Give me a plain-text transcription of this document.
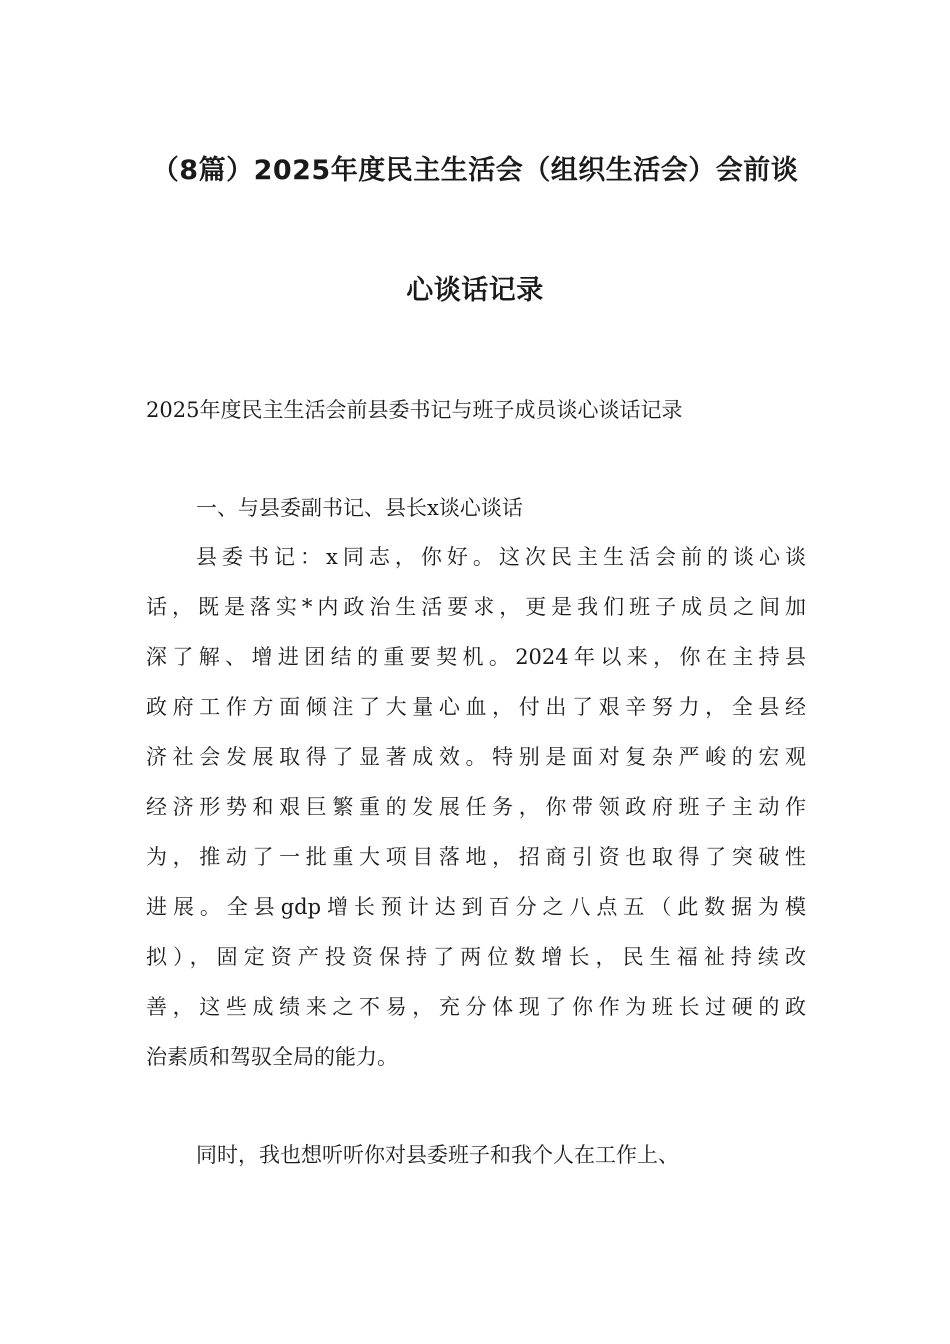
（8篇）2025年度民主生活会（组织生活会）会前谈
心谈话记录
2025年度民主生活会前县委书记与班子成员谈心谈话记录
一、与县委副书记、县长x谈心谈话
县委书记：x同志，你好。这次民主生活会前的谈心谈
话，既是落实*内政治生活要求，更是我们班子成员之间加
深了解、增进团结的重要契机。2024年以来，你在主持县
政府工作方面倾注了大量心血，付出了艰辛努力，全县经
济社会发展取得了显著成效。特别是面对复杂严峻的宏观
经济形势和艰巨繁重的发展任务，你带领政府班子主动作
为，推动了一批重大项目落地，招商引资也取得了突破性
进展。全县gdp增长预计达到百分之八点五（此数据为模
拟），固定资产投资保持了两位数增长，民生福祉持续改
善，这些成绩来之不易，充分体现了你作为班长过硬的政
治素质和驾驭全局的能力。
同时，我也想听听你对县委班子和我个人在工作上、
